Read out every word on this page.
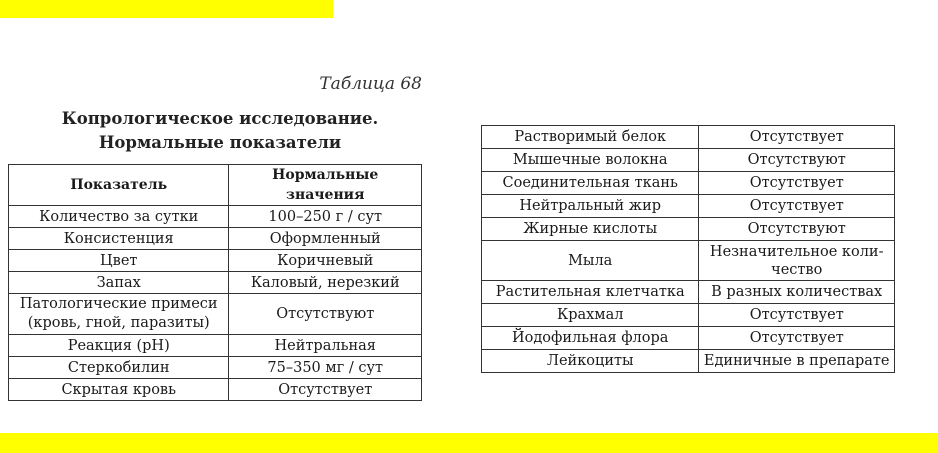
Таблица 68
Копрологическое исследование.
Нормальные показатели
Показатель	Нормальные значения
Количество за сутки	100–250 г / сут
Консистенция	Оформленный
Цвет	Коричневый
Запах	Каловый, нерезкий
Патологические примеси (кровь, гной, паразиты)	Отсутствуют
Реакция (pH)	Нейтральная
Стеркобилин	75–350 мг / сут
Скрытая кровь	Отсутствует
Растворимый белок	Отсутствует
Мышечные волокна	Отсутствуют
Соединительная ткань	Отсутствует
Нейтральный жир	Отсутствует
Жирные кислоты	Отсутствуют
Мыла	Незначительное коли-чество
Растительная клетчатка	В разных количествах
Крахмал	Отсутствует
Йодофильная флора	Отсутствует
Лейкоциты	Единичные в препарате
